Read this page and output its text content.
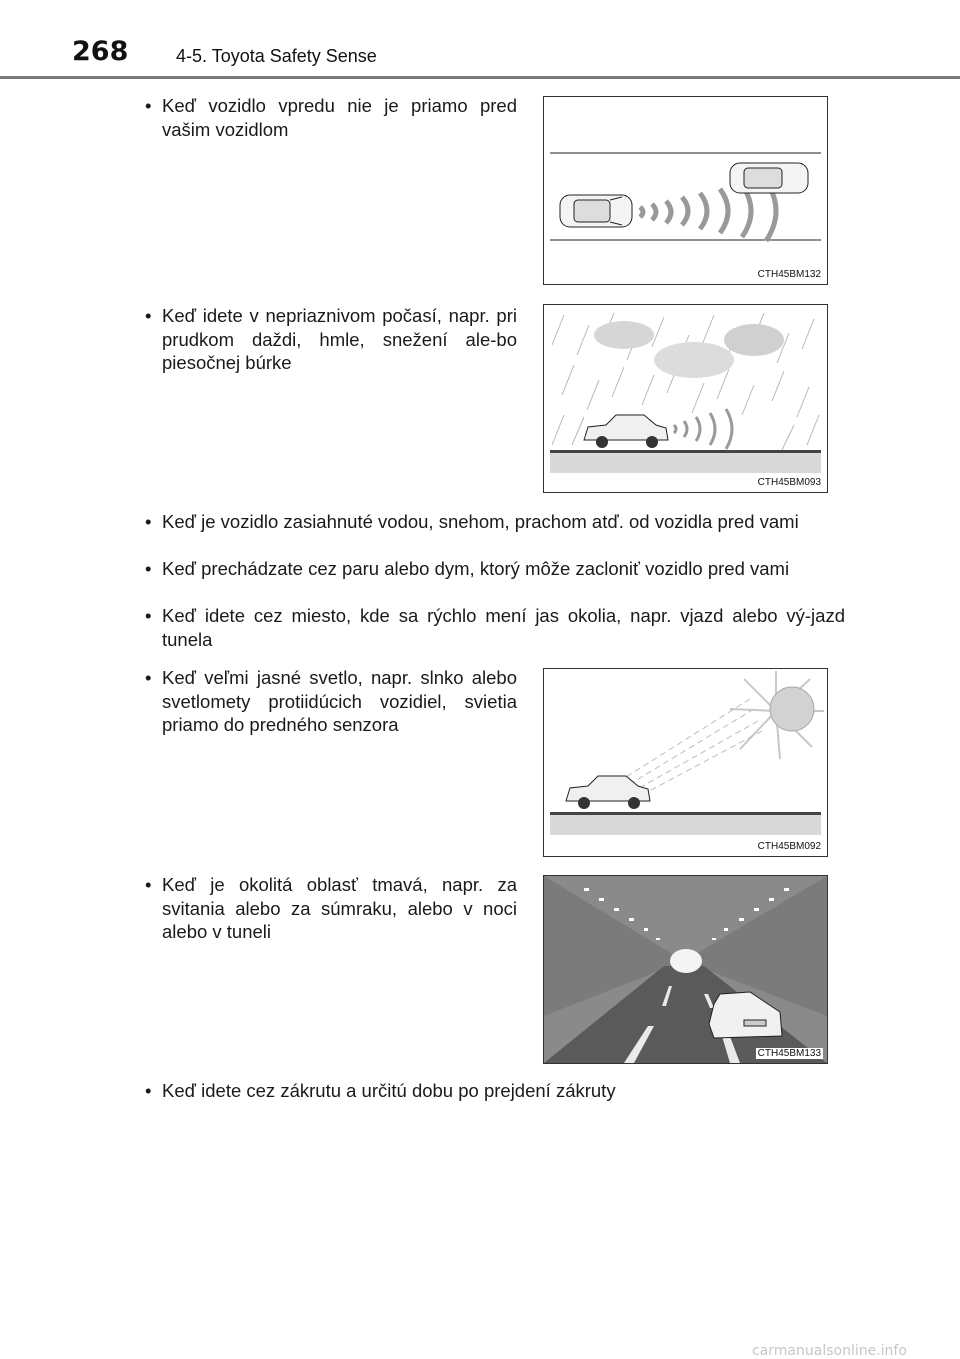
268	4-5. Toyota Safety Sense
• Keď vozidlo vpredu nie je priamo pred vašim vozidlom
CTH45BM132
• Keď idete v nepriaznivom počasí, napr. pri prudkom daždi, hmle, snežení ale-bo piesočnej búrke
CTH45BM093
• Keď je vozidlo zasiahnuté vodou, snehom, prachom atď. od vozidla pred vami
• Keď prechádzate cez paru alebo dym, ktorý môže zacloniť vozidlo pred vami
• Keď idete cez miesto, kde sa rýchlo mení jas okolia, napr. vjazd alebo vý-jazd tunela
• Keď veľmi jasné svetlo, napr. slnko alebo svetlomety protiidúcich vozidiel, svietia priamo do predného senzora
CTH45BM092
• Keď je okolitá oblasť tmavá, napr. za svitania alebo za súmraku, alebo v noci alebo v tuneli
CTH45BM133
• Keď idete cez zákrutu a určitú dobu po prejdení zákruty
carmanualsonline.info
